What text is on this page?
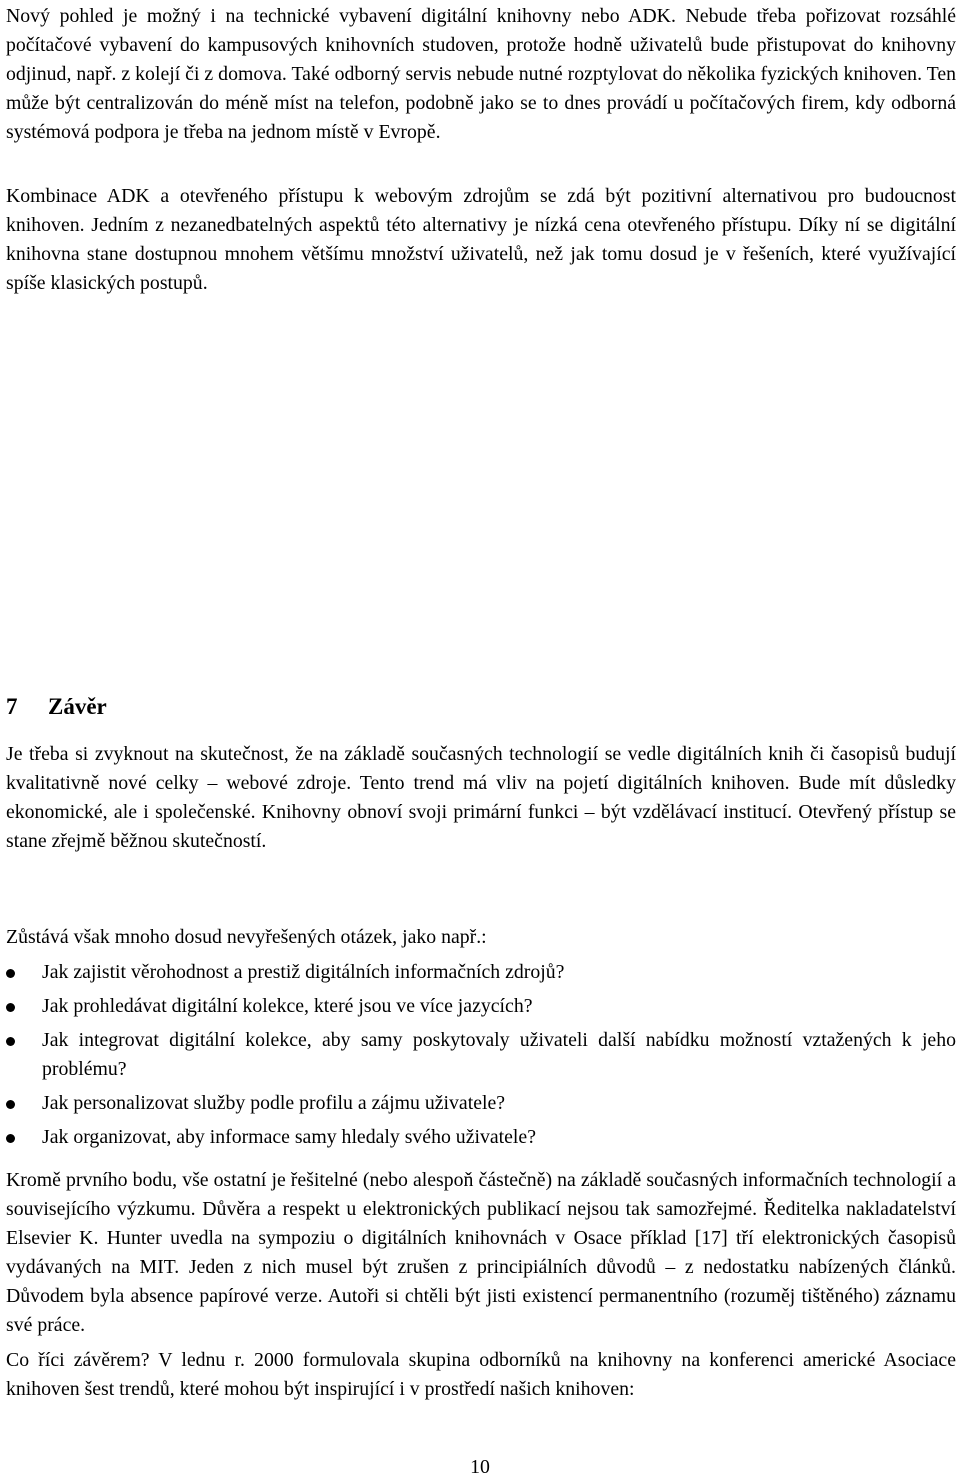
Nový pohled je možný i na technické vybavení digitální knihovny nebo ADK. Nebude třeba pořizovat rozsáhlé počítačové vybavení do kampusových knihovních studoven, protože hodně uživatelů bude přistupovat do knihovny odjinud, např. z kolejí či z domova. Také odborný servis nebude nutné rozptylovat do několika fyzických knihoven. Ten může být centralizován do méně míst na telefon, podobně jako se to dnes provádí u počítačových firem, kdy odborná systémová podpora je třeba na jednom místě v Evropě.

Kombinace ADK a otevřeného přístupu k webovým zdrojům se zdá být pozitivní alternativou pro budoucnost knihoven. Jedním z nezanedbatelných aspektů této alternativy je nízká cena otevřeného přístupu. Díky ní se digitální knihovna stane dostupnou mnohem většímu množství uživatelů, než jak tomu dosud je v řešeních, které využívající spíše klasických postupů.

7 Závěr

Je třeba si zvyknout na skutečnost, že na základě současných technologií se vedle digitálních knih či časopisů budují kvalitativně nové celky – webové zdroje. Tento trend má vliv na pojetí digitálních knihoven. Bude mít důsledky ekonomické, ale i společenské. Knihovny obnoví svoji primární funkci – být vzdělávací institucí. Otevřený přístup se stane zřejmě běžnou skutečností.

Zůstává však mnoho dosud nevyřešených otázek, jako např.:

Jak zajistit věrohodnost a prestiž digitálních informačních zdrojů?
Jak prohledávat digitální kolekce, které jsou ve více jazycích?
Jak integrovat digitální kolekce, aby samy poskytovaly uživateli další nabídku možností vztažených k jeho problému?
Jak personalizovat služby podle profilu a zájmu uživatele?
Jak organizovat, aby informace samy hledaly svého uživatele?

Kromě prvního bodu, vše ostatní je řešitelné (nebo alespoň částečně) na základě současných informačních technologií a souvisejícího výzkumu. Důvěra a respekt u elektronických publikací nejsou tak samozřejmé. Ředitelka nakladatelství Elsevier K. Hunter uvedla na sympoziu o digitálních knihovnách v Osace příklad [17] tří elektronických časopisů vydávaných na MIT. Jeden z nich musel být zrušen z principiálních důvodů – z nedostatku nabízených článků. Důvodem byla absence papírové verze. Autoři si chtěli být jisti existencí permanentního (rozuměj tištěného) záznamu své práce.

Co říci závěrem? V lednu r. 2000 formulovala skupina odborníků na knihovny na konferenci americké Asociace knihoven šest trendů, které mohou být inspirující i v prostředí našich knihoven:

10
